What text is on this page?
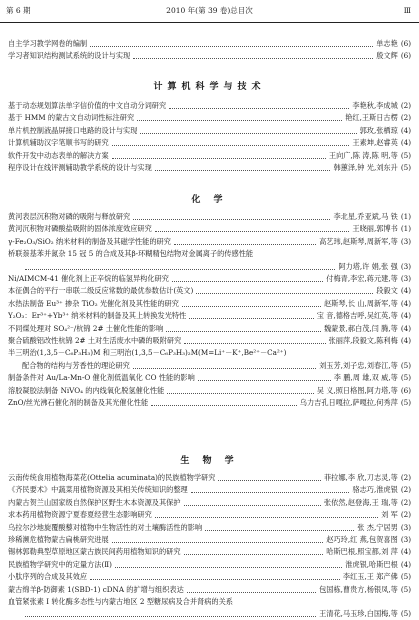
第 6 期	2010 年(第 39 卷)总目次	Ⅲ
自主学习教学网卷的编制	单志艳 (6)
学习者知识结构测试系统的设计与实现	殷文辉 (6)
计算机科学与技术
基于动态规划算法单字信价值的中文自动分词研究	李艳秋,李成城 (2)
基于 HMM 的蒙古文自动词性标注研究	艳红,王斯日古楞 (2)
单片机控制液晶屏接口电路的设计与实现	郭玫,张栖琼 (4)
计算机辅助汉字笔顺书写的研究	王素坤,赵睿英 (4)
软件开发中动态表单的解决方案	王向广,陈 涛,陈 明,等 (5)
程序设计在线评测辅助教学系统的设计与实现	韩蕙泽,钟 光,刘东升 (5)
化 学
黄河表层沉积物对磷的吸附与释放研究	李北星,乔亚斌,马 铁 (1)
黄河沉积物对磷酸盐吸附的固体浓度效应研究	王晓丽,郭博书 (1)
γ-Fe₂O₃/SiO₂ 纳米材料的制备及其磁学性能的研究	高艺玮,赵斯琴,周新军,等 (3)
桥联萘基苯并氮杂 15 冠 5 的合成及其β-环糊精包结物对金属离子的传感性能
阿力塔,许 娟,张 强 (3)
Ni/AIMCM-41 催化剂上正辛烷的临氢异构化研究	付梅青,李宏,蒋元建,等 (3)
本征偶合的平行一串联二级反应常数的最优参数估计(英文)	段毅文 (4)
水热法制备 Eu³⁺ 掺杂 TiO₂ 光催化剂及其性能的研究	赵斯琴,长 山,周新军,等 (4)
Y₂O₃：Er³⁺+Yb³⁺ 纳米材料的制备及其上转换发光特性	宝 音,德格吉呼,吴红英,等 (4)
不同煤处理对 SO₄²⁻/杭锦 2# 土催化性能的影响	魏蒙景,郝白茂,闫 腾,等 (4)
聚合硫酸铝改性杭锦 2# 土对生活废水中磷的吸附研究	张丽萍,段毅文,陈利梅 (4)
半三明治(1,3,5－C₆P₃H₃)M 和三明治(1,3,5－C₆P₃H₃)₂M(M=Li⁺－K⁺,Be²⁺－Ca²⁺)
配合物的结构与芳香性的理论研究	刘玉芳,刘子忠,刘春江,等 (5)
制备条件对 Au/La-Mn-O 催化剂低温氧化 CO 性能的影响	李 鹏,周 雄,双 威,等 (5)
溶胶凝胶法制备 NiVO₄ 的内线氧化脱氢催化性能	吴 义,照日格图,阿力塔,等 (6)
ZnO/丝光沸石催化剂的制备及其光催化性能	乌力吉孔日嘎拉,萨嘎拉,何秀萍 (5)
生 物 学
云南传统食用植物海菜花(Ottelia acuminata)的民族植物学研究	菲拉娜,李 欣,刀志灵,等 (2)
《齐民要术》中蔬菜用植物资源及其相关传统知识的整理	骆志巧,淮虎银 (2)
内蒙古贺兰山国家级自然保护区野生木本资源及其保护	张依然,赵登海,王 瑞,等 (2)
求本药用植物资源宁夏春夏经营生态影响研究	刘 军 (2)
乌拉尔沙地旋覆酸藜对植物中生物活性的对土壤酶活性的影响	张 杰,宁居男 (3)
珍稀濒危植物蒙古扁桃研究进展	赵巧玲,红 燕,包贺喜图 (3)
锡林郭勒典型草原地区蒙古族民间药用植物知识的研究	哈斯巴根,照宝都,刘 萍 (4)
民族植物学研究中的定量方法(Ⅱ)	淮虎银,哈斯巴根 (4)
小肽序列的合成及其效应	李红玉,王 郑产佛 (5)
蒙古绵羊β-防御素 1(SBD-1) cDNA 的扩增与组织表达	包国栋,曹贵方,杨银凤,等 (5)
血管紧张素 I 转化酶多态性与内蒙古地区 2 型糖尿病及合并肾病的关系
王清花,马玉珍,白国梅,等 (5)
